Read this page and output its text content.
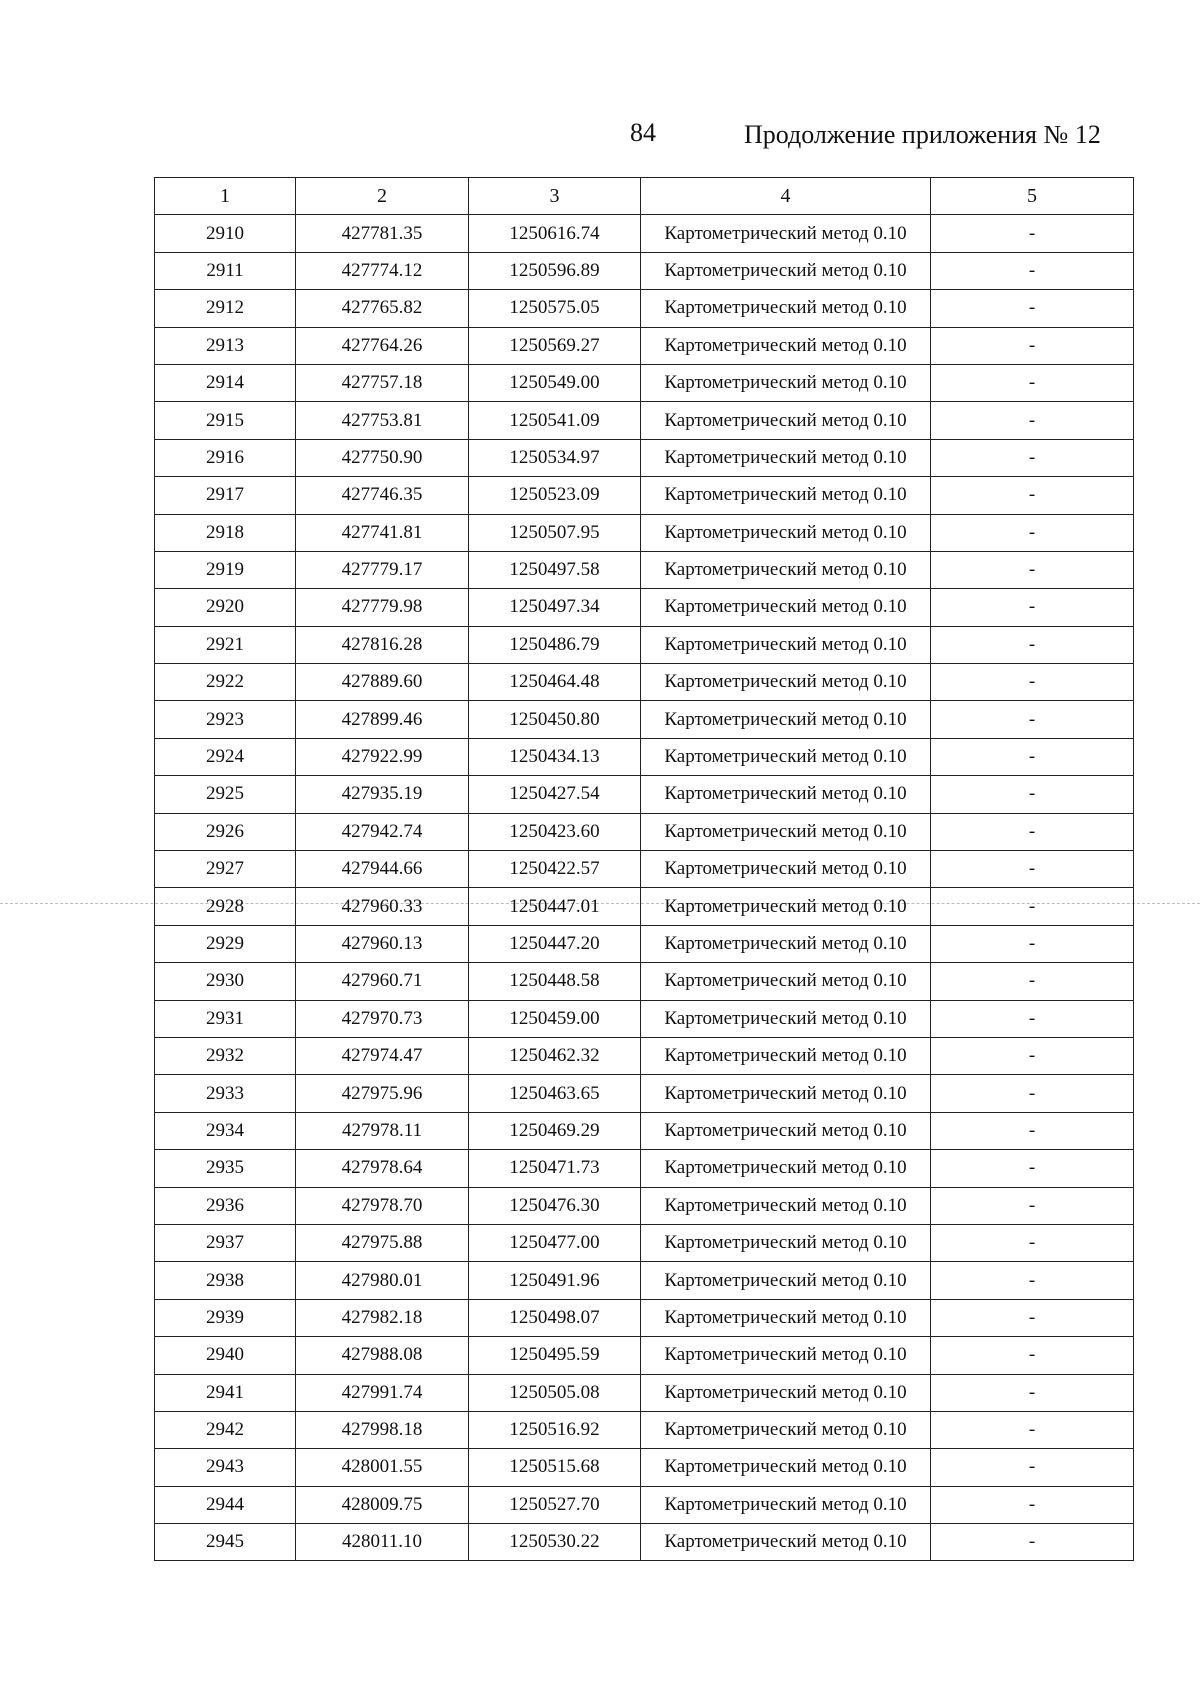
84	Продолжение приложения № 12
1	2	3	4	5
2910	427781.35	1250616.74	Картометрический метод 0.10	-
2911	427774.12	1250596.89	Картометрический метод 0.10	-
2912	427765.82	1250575.05	Картометрический метод 0.10	-
2913	427764.26	1250569.27	Картометрический метод 0.10	-
2914	427757.18	1250549.00	Картометрический метод 0.10	-
2915	427753.81	1250541.09	Картометрический метод 0.10	-
2916	427750.90	1250534.97	Картометрический метод 0.10	-
2917	427746.35	1250523.09	Картометрический метод 0.10	-
2918	427741.81	1250507.95	Картометрический метод 0.10	-
2919	427779.17	1250497.58	Картометрический метод 0.10	-
2920	427779.98	1250497.34	Картометрический метод 0.10	-
2921	427816.28	1250486.79	Картометрический метод 0.10	-
2922	427889.60	1250464.48	Картометрический метод 0.10	-
2923	427899.46	1250450.80	Картометрический метод 0.10	-
2924	427922.99	1250434.13	Картометрический метод 0.10	-
2925	427935.19	1250427.54	Картометрический метод 0.10	-
2926	427942.74	1250423.60	Картометрический метод 0.10	-
2927	427944.66	1250422.57	Картометрический метод 0.10	-
2928	427960.33	1250447.01	Картометрический метод 0.10	-
2929	427960.13	1250447.20	Картометрический метод 0.10	-
2930	427960.71	1250448.58	Картометрический метод 0.10	-
2931	427970.73	1250459.00	Картометрический метод 0.10	-
2932	427974.47	1250462.32	Картометрический метод 0.10	-
2933	427975.96	1250463.65	Картометрический метод 0.10	-
2934	427978.11	1250469.29	Картометрический метод 0.10	-
2935	427978.64	1250471.73	Картометрический метод 0.10	-
2936	427978.70	1250476.30	Картометрический метод 0.10	-
2937	427975.88	1250477.00	Картометрический метод 0.10	-
2938	427980.01	1250491.96	Картометрический метод 0.10	-
2939	427982.18	1250498.07	Картометрический метод 0.10	-
2940	427988.08	1250495.59	Картометрический метод 0.10	-
2941	427991.74	1250505.08	Картометрический метод 0.10	-
2942	427998.18	1250516.92	Картометрический метод 0.10	-
2943	428001.55	1250515.68	Картометрический метод 0.10	-
2944	428009.75	1250527.70	Картометрический метод 0.10	-
2945	428011.10	1250530.22	Картометрический метод 0.10	-
